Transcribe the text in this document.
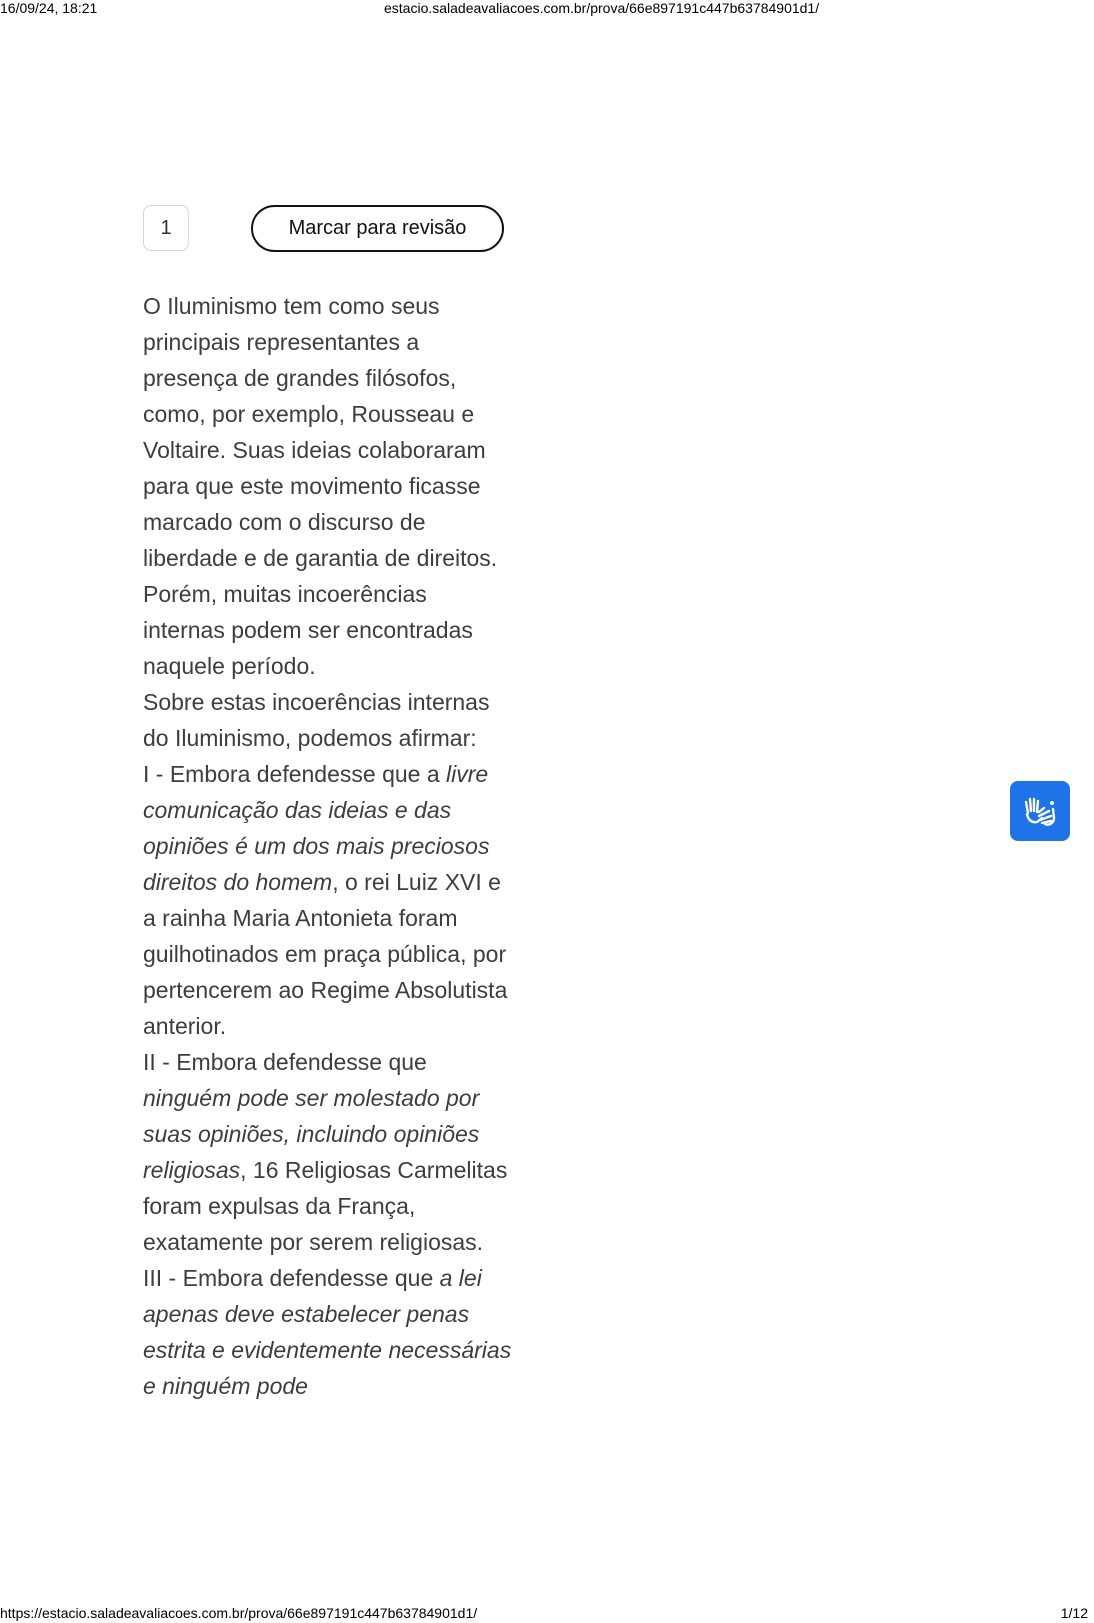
16/09/24, 18:21	estacio.saladeavaliacoes.com.br/prova/66e897191c447b63784901d1/
1	Marcar para revisão

O Iluminismo tem como seus principais representantes a presença de grandes filósofos, como, por exemplo, Rousseau e Voltaire. Suas ideias colaboraram para que este movimento ficasse marcado com o discurso de liberdade e de garantia de direitos. Porém, muitas incoerências internas podem ser encontradas naquele período.

Sobre estas incoerências internas do Iluminismo, podemos afirmar:

I - Embora defendesse que a livre comunicação das ideias e das opiniões é um dos mais preciosos direitos do homem, o rei Luiz XVI e a rainha Maria Antonieta foram guilhotinados em praça pública, por pertencerem ao Regime Absolutista anterior.

II - Embora defendesse que ninguém pode ser molestado por suas opiniões, incluindo opiniões religiosas, 16 Religiosas Carmelitas foram expulsas da França, exatamente por serem religiosas.

III - Embora defendesse que a lei apenas deve estabelecer penas estrita e evidentemente necessárias e ninguém pode

https://estacio.saladeavaliacoes.com.br/prova/66e897191c447b63784901d1/	1/12
